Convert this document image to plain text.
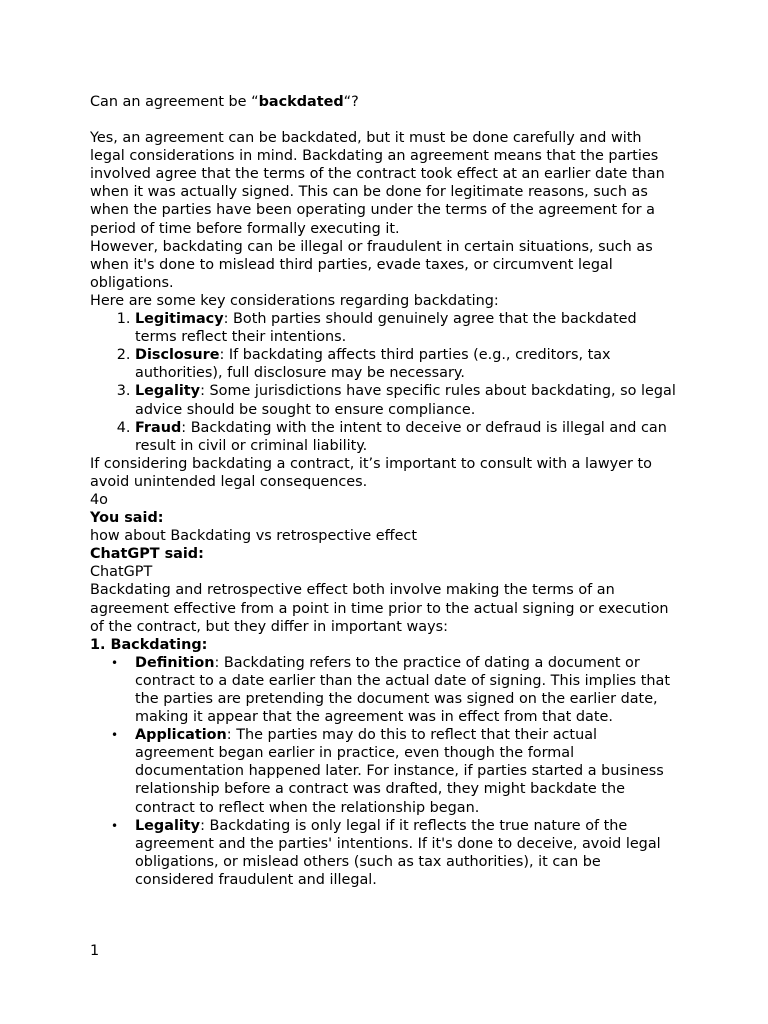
Can an agreement be “backdated“?

Yes, an agreement can be backdated, but it must be done carefully and with legal considerations in mind. Backdating an agreement means that the parties involved agree that the terms of the contract took effect at an earlier date than when it was actually signed. This can be done for legitimate reasons, such as when the parties have been operating under the terms of the agreement for a period of time before formally executing it.

However, backdating can be illegal or fraudulent in certain situations, such as when it's done to mislead third parties, evade taxes, or circumvent legal obligations.

Here are some key considerations regarding backdating:

1. Legitimacy: Both parties should genuinely agree that the backdated terms reflect their intentions.
2. Disclosure: If backdating affects third parties (e.g., creditors, tax authorities), full disclosure may be necessary.
3. Legality: Some jurisdictions have specific rules about backdating, so legal advice should be sought to ensure compliance.
4. Fraud: Backdating with the intent to deceive or defraud is illegal and can result in civil or criminal liability.

If considering backdating a contract, it’s important to consult with a lawyer to avoid unintended legal consequences.

4o

You said:

how about Backdating vs retrospective effect

ChatGPT said:

ChatGPT

Backdating and retrospective effect both involve making the terms of an agreement effective from a point in time prior to the actual signing or execution of the contract, but they differ in important ways:

1. Backdating:

• Definition: Backdating refers to the practice of dating a document or contract to a date earlier than the actual date of signing. This implies that the parties are pretending the document was signed on the earlier date, making it appear that the agreement was in effect from that date.
• Application: The parties may do this to reflect that their actual agreement began earlier in practice, even though the formal documentation happened later. For instance, if parties started a business relationship before a contract was drafted, they might backdate the contract to reflect when the relationship began.
• Legality: Backdating is only legal if it reflects the true nature of the agreement and the parties' intentions. If it's done to deceive, avoid legal obligations, or mislead others (such as tax authorities), it can be considered fraudulent and illegal.
1
